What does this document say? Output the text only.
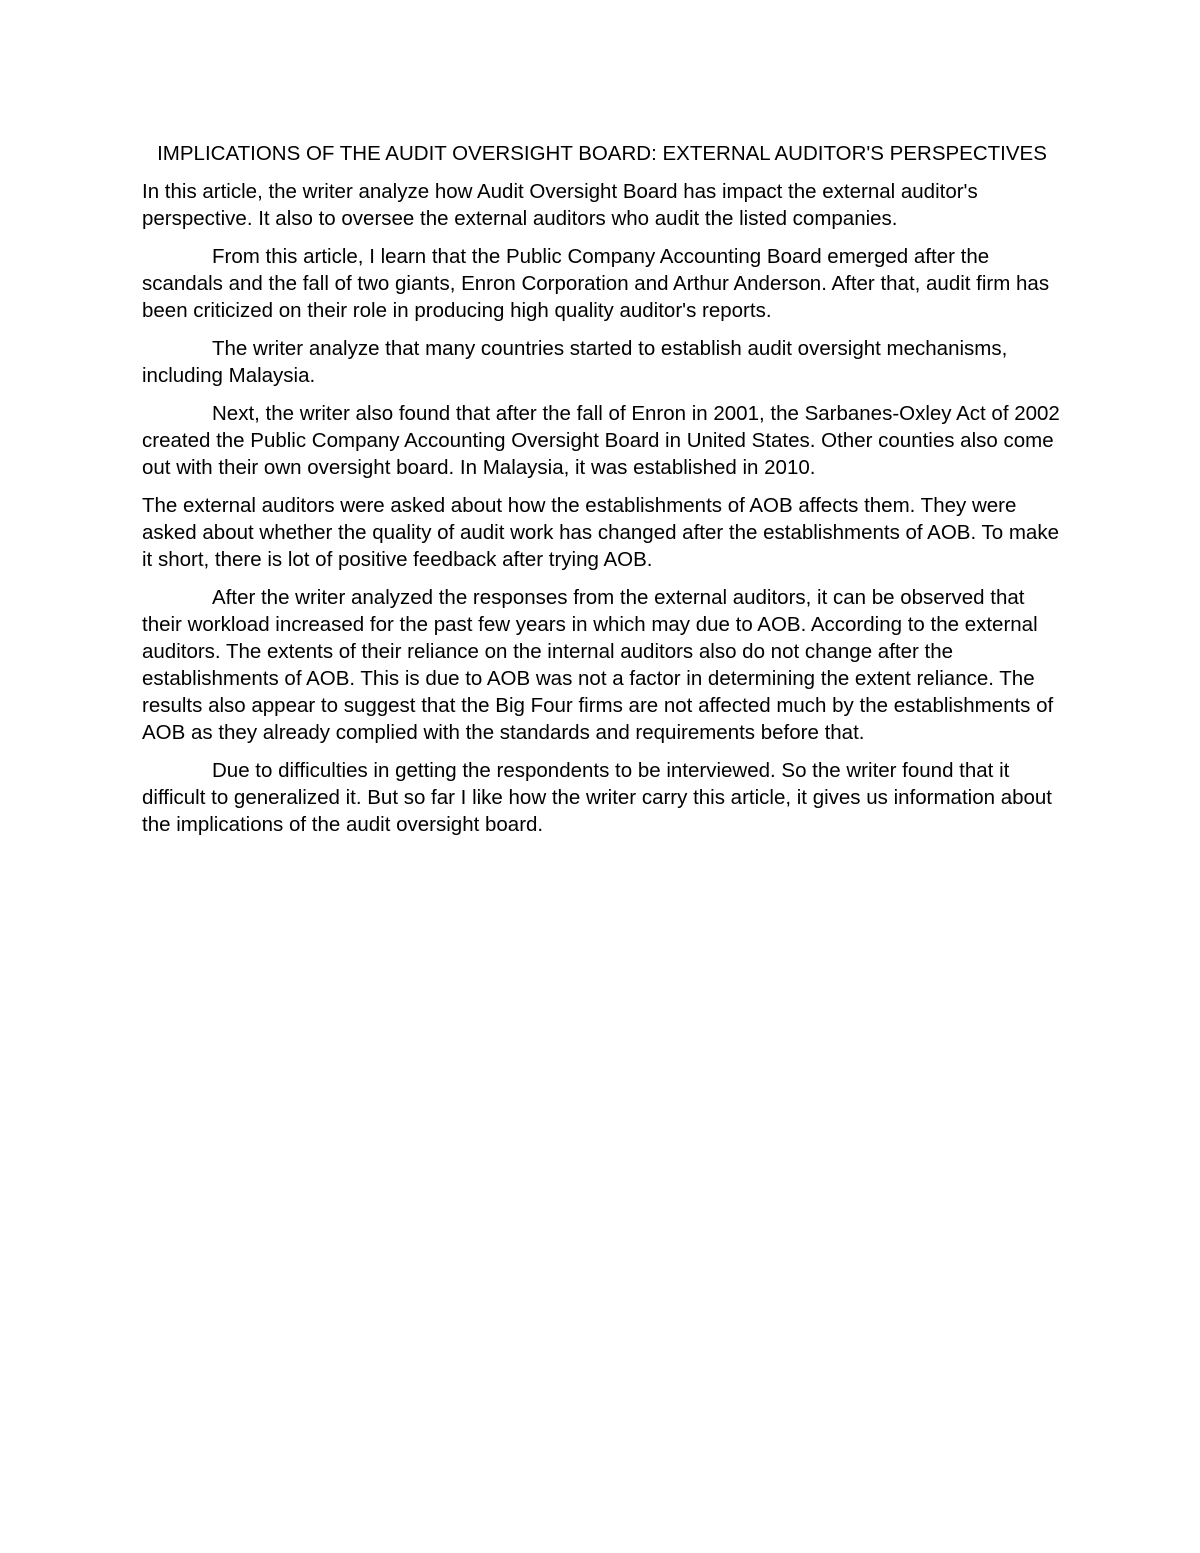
IMPLICATIONS OF THE AUDIT OVERSIGHT BOARD: EXTERNAL AUDITOR'S PERSPECTIVES

In this article, the writer analyze how Audit Oversight Board has impact the external auditor's perspective. It also to oversee the external auditors who audit the listed companies.

From this article, I learn that the Public Company Accounting Board emerged after the scandals and the fall of two giants, Enron Corporation and Arthur Anderson. After that, audit firm has been criticized on their role in producing high quality auditor's reports.

The writer analyze that many countries started to establish audit oversight mechanisms, including Malaysia.

Next, the writer also found that after the fall of Enron in 2001, the Sarbanes-Oxley Act of 2002 created the Public Company Accounting Oversight Board in United States. Other counties also come out with their own oversight board. In Malaysia, it was established in 2010.

The external auditors were asked about how the establishments of AOB affects them. They were asked about whether the quality of audit work has changed after the establishments of AOB. To make it short, there is lot of positive feedback after trying AOB.

After the writer analyzed the responses from the external auditors, it can be observed that their workload increased for the past few years in which may due to AOB. According to the external auditors. The extents of their reliance on the internal auditors also do not change after the establishments of AOB. This is due to AOB was not a factor in determining the extent reliance. The results also appear to suggest that the Big Four firms are not affected much by the establishments of AOB as they already complied with the standards and requirements before that.

Due to difficulties in getting the respondents to be interviewed. So the writer found that it difficult to generalized it. But so far I like how the writer carry this article, it gives us information about the implications of the audit oversight board.
